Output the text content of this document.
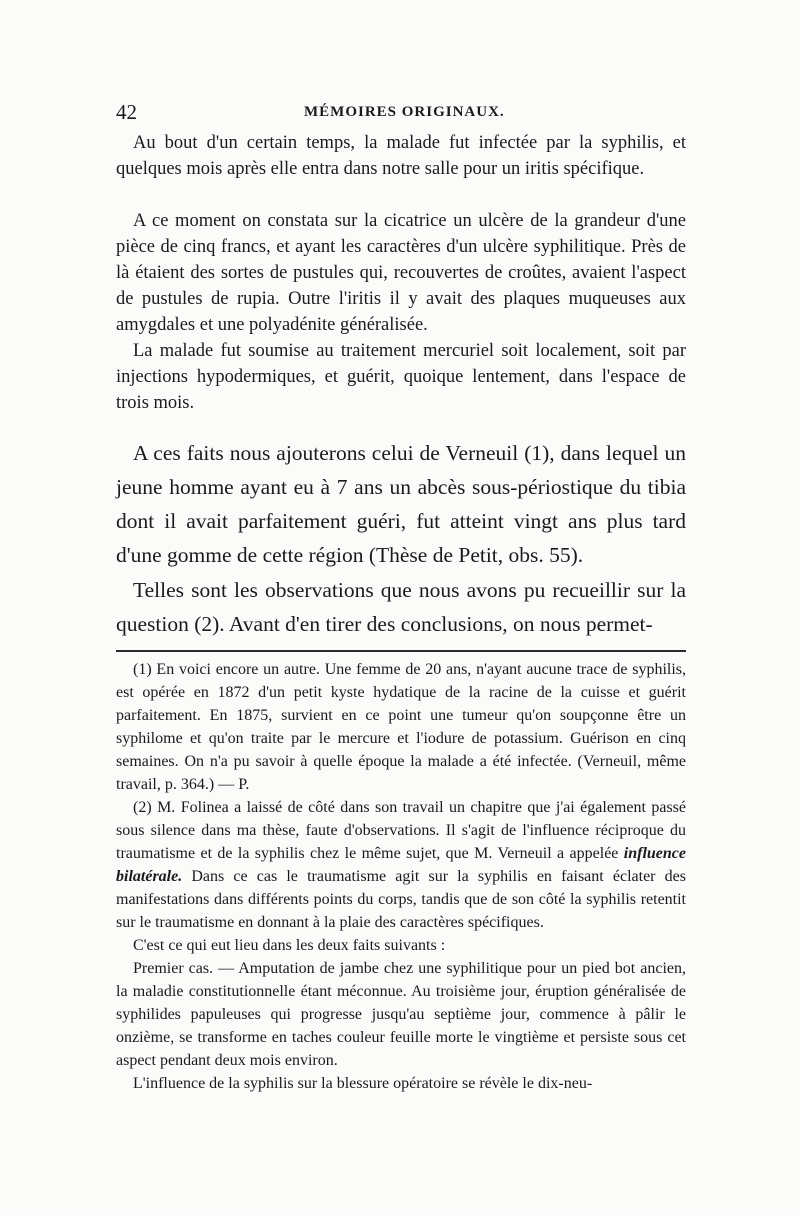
42	MÉMOIRES ORIGINAUX.

Au bout d'un certain temps, la malade fut infectée par la syphilis, et quelques mois après elle entra dans notre salle pour un iritis spécifique.

A ce moment on constata sur la cicatrice un ulcère de la grandeur d'une pièce de cinq francs, et ayant les caractères d'un ulcère syphilitique. Près de là étaient des sortes de pustules qui, recouvertes de croûtes, avaient l'aspect de pustules de rupia. Outre l'iritis il y avait des plaques muqueuses aux amygdales et une polyadénite généralisée.

La malade fut soumise au traitement mercuriel soit localement, soit par injections hypodermiques, et guérit, quoique lentement, dans l'espace de trois mois.

A ces faits nous ajouterons celui de Verneuil (1), dans lequel un jeune homme ayant eu à 7 ans un abcès sous-périostique du tibia dont il avait parfaitement guéri, fut atteint vingt ans plus tard d'une gomme de cette région (Thèse de Petit, obs. 55).

Telles sont les observations que nous avons pu recueillir sur la question (2). Avant d'en tirer des conclusions, on nous permet-

(1) En voici encore un autre. Une femme de 20 ans, n'ayant aucune trace de syphilis, est opérée en 1872 d'un petit kyste hydatique de la racine de la cuisse et guérit parfaitement. En 1875, survient en ce point une tumeur qu'on soupçonne être un syphilome et qu'on traite par le mercure et l'iodure de potassium. Guérison en cinq semaines. On n'a pu savoir à quelle époque la malade a été infectée. (Verneuil, même travail, p. 364.) — P.

(2) M. Folinea a laissé de côté dans son travail un chapitre que j'ai également passé sous silence dans ma thèse, faute d'observations. Il s'agit de l'influence réciproque du traumatisme et de la syphilis chez le même sujet, que M. Verneuil a appelée influence bilatérale. Dans ce cas le traumatisme agit sur la syphilis en faisant éclater des manifestations dans différents points du corps, tandis que de son côté la syphilis retentit sur le traumatisme en donnant à la plaie des caractères spécifiques.

C'est ce qui eut lieu dans les deux faits suivants :

Premier cas. — Amputation de jambe chez une syphilitique pour un pied bot ancien, la maladie constitutionnelle étant méconnue. Au troisième jour, éruption généralisée de syphilides papuleuses qui progresse jusqu'au septième jour, commence à pâlir le onzième, se transforme en taches couleur feuille morte le vingtième et persiste sous cet aspect pendant deux mois environ.

L'influence de la syphilis sur la blessure opératoire se révèle le dix-neu-
